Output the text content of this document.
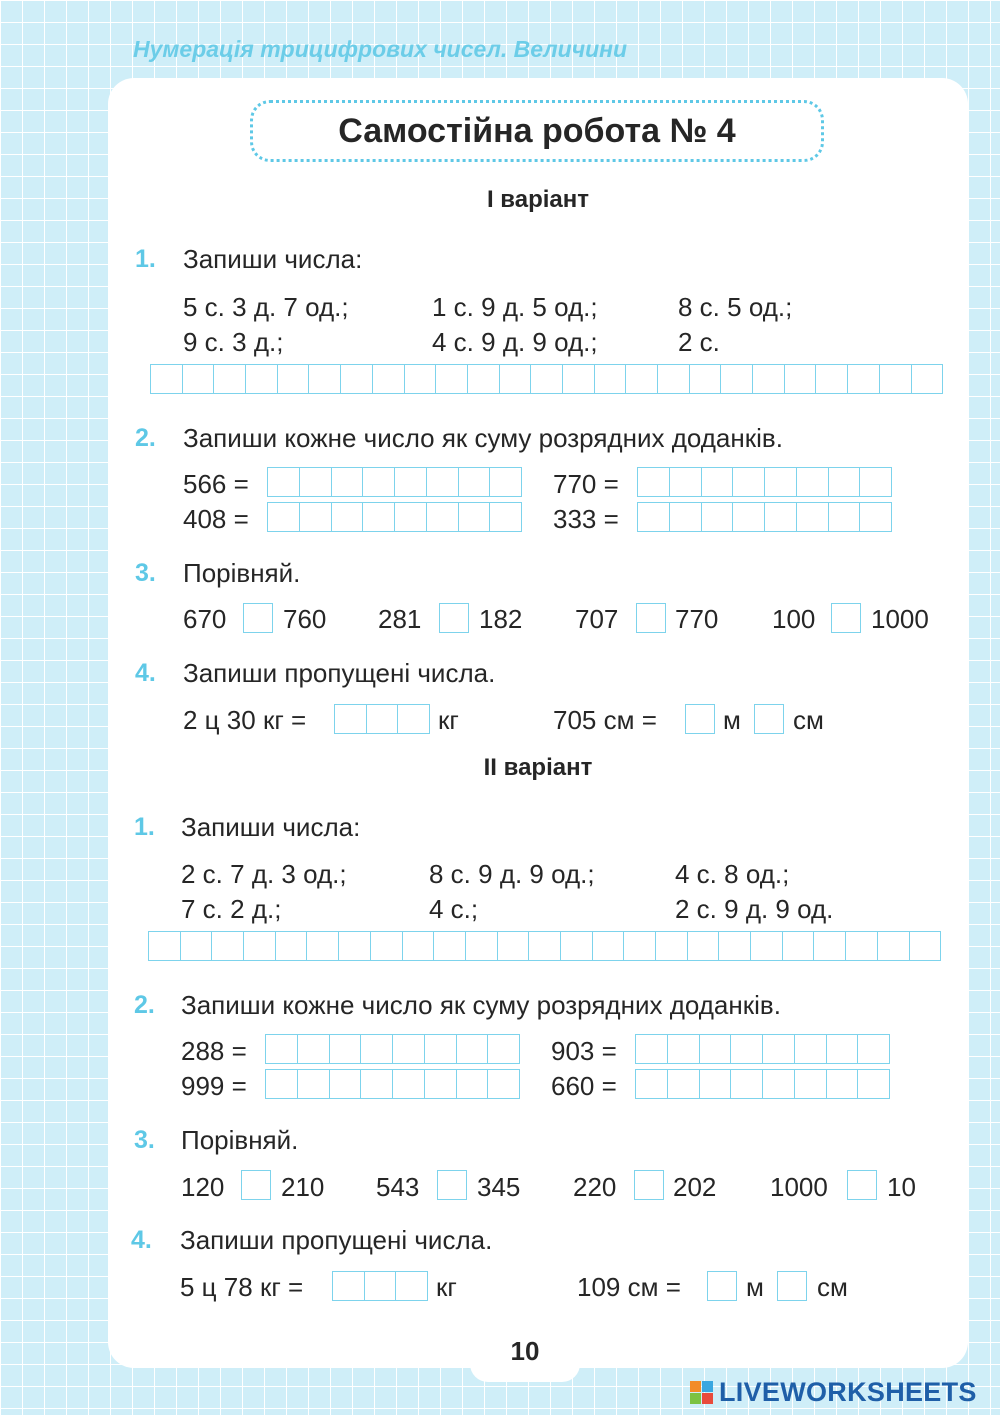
Нумерація трицифрових чисел. Величини
Самостійна робота № 4
I варіант
1. Запиши числа:
5 с. 3 д. 7 од.;	1 с. 9 д. 5 од.;	8 с. 5 од.;
9 с. 3 д.;	4 с. 9 д. 9 од.;	2 с.
2. Запиши кожне число як суму розрядних доданків.
566 =	770 =
408 =	333 =
3. Порівняй.
670 760 281 182 707 770 100 1000
4. Запиши пропущені числа.
2 ц 30 кг =	кг	705 см =	м см
II варіант
1. Запиши числа:
2 с. 7 д. 3 од.;	8 с. 9 д. 9 од.;	4 с. 8 од.;
7 с. 2 д.;	4 с.;	2 с. 9 д. 9 од.
2. Запиши кожне число як суму розрядних доданків.
288 =	903 =
999 =	660 =
3. Порівняй.
120 210 543 345 220 202 1000 10
4. Запиши пропущені числа.
5 ц 78 кг =	кг	109 см =	м см
10
LIVEWORKSHEETS
